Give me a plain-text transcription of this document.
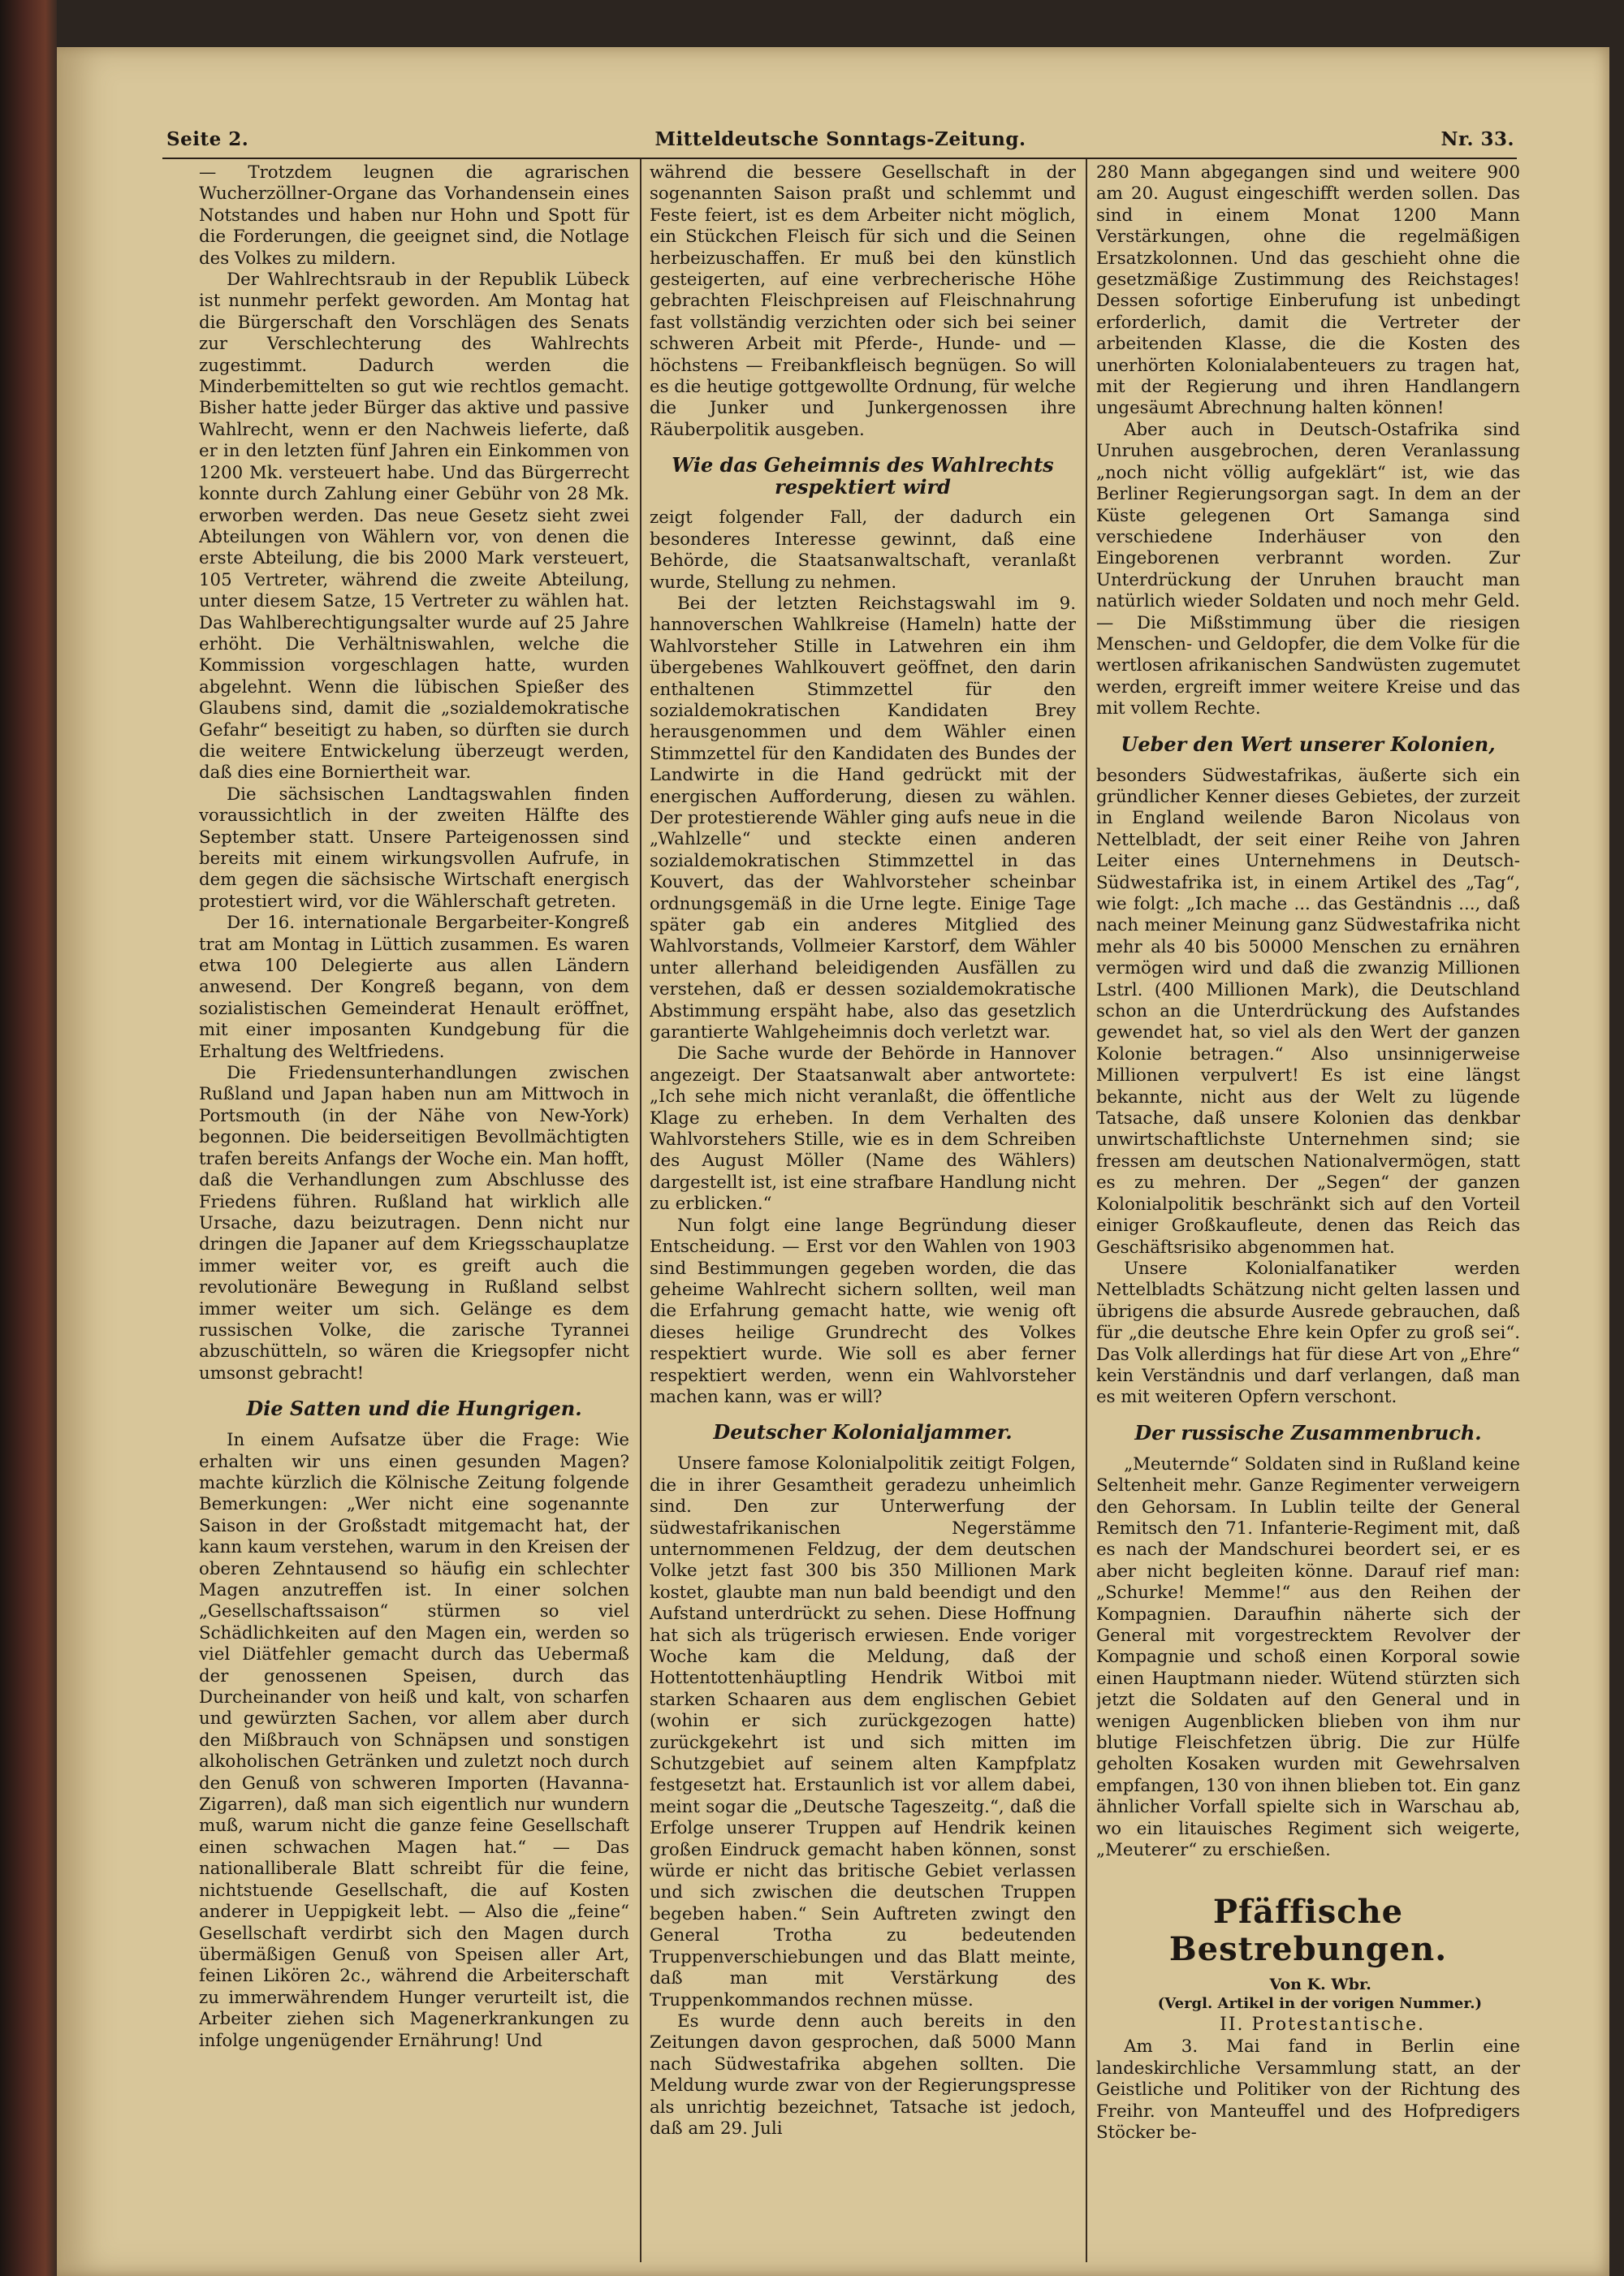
Seite 2.	Mitteldeutsche Sonntags-Zeitung.	Nr. 33.

— Trotzdem leugnen die agrarischen Wucherzöllner-Organe das Vorhandensein eines Notstandes und haben nur Hohn und Spott für die Forderungen, die geeignet sind, die Notlage des Volkes zu mildern.

Der Wahlrechtsraub in der Republik Lübeck ist nunmehr perfekt geworden. Am Montag hat die Bürgerschaft den Vorschlägen des Senats zur Verschlechterung des Wahlrechts zugestimmt. Dadurch werden die Minderbemittelten so gut wie rechtlos gemacht. Bisher hatte jeder Bürger das aktive und passive Wahlrecht, wenn er den Nachweis lieferte, daß er in den letzten fünf Jahren ein Einkommen von 1200 Mk. versteuert habe. Und das Bürgerrecht konnte durch Zahlung einer Gebühr von 28 Mk. erworben werden. Das neue Gesetz sieht zwei Abteilungen von Wählern vor, von denen die erste Abteilung, die bis 2000 Mark versteuert, 105 Vertreter, während die zweite Abteilung, unter diesem Satze, 15 Vertreter zu wählen hat. Das Wahlberechtigungsalter wurde auf 25 Jahre erhöht. Die Verhältniswahlen, welche die Kommission vorgeschlagen hatte, wurden abgelehnt. Wenn die lübischen Spießer des Glaubens sind, damit die „sozialdemokratische Gefahr“ beseitigt zu haben, so dürften sie durch die weitere Entwickelung überzeugt werden, daß dies eine Borniertheit war.

Die sächsischen Landtagswahlen finden voraussichtlich in der zweiten Hälfte des September statt. Unsere Parteigenossen sind bereits mit einem wirkungsvollen Aufrufe, in dem gegen die sächsische Wirtschaft energisch protestiert wird, vor die Wählerschaft getreten.

Der 16. internationale Bergarbeiter-Kongreß trat am Montag in Lüttich zusammen. Es waren etwa 100 Delegierte aus allen Ländern anwesend. Der Kongreß begann, von dem sozialistischen Gemeinderat Henault eröffnet, mit einer imposanten Kundgebung für die Erhaltung des Weltfriedens.

Die Friedensunterhandlungen zwischen Rußland und Japan haben nun am Mittwoch in Portsmouth (in der Nähe von New-York) begonnen. Die beiderseitigen Bevollmächtigten trafen bereits Anfangs der Woche ein. Man hofft, daß die Verhandlungen zum Abschlusse des Friedens führen. Rußland hat wirklich alle Ursache, dazu beizutragen. Denn nicht nur dringen die Japaner auf dem Kriegsschauplatze immer weiter vor, es greift auch die revolutionäre Bewegung in Rußland selbst immer weiter um sich. Gelänge es dem russischen Volke, die zarische Tyrannei abzuschütteln, so wären die Kriegsopfer nicht umsonst gebracht!

Die Satten und die Hungrigen.

In einem Aufsatze über die Frage: Wie erhalten wir uns einen gesunden Magen? machte kürzlich die Kölnische Zeitung folgende Bemerkungen: „Wer nicht eine sogenannte Saison in der Großstadt mitgemacht hat, der kann kaum verstehen, warum in den Kreisen der oberen Zehntausend so häufig ein schlechter Magen anzutreffen ist. In einer solchen „Gesellschaftssaison“ stürmen so viel Schädlichkeiten auf den Magen ein, werden so viel Diätfehler gemacht durch das Uebermaß der genossenen Speisen, durch das Durcheinander von heiß und kalt, von scharfen und gewürzten Sachen, vor allem aber durch den Mißbrauch von Schnäpsen und sonstigen alkoholischen Getränken und zuletzt noch durch den Genuß von schweren Importen (Havanna-Zigarren), daß man sich eigentlich nur wundern muß, warum nicht die ganze feine Gesellschaft einen schwachen Magen hat.“ — Das nationalliberale Blatt schreibt für die feine, nichtstuende Gesellschaft, die auf Kosten anderer in Ueppigkeit lebt. — Also die „feine“ Gesellschaft verdirbt sich den Magen durch übermäßigen Genuß von Speisen aller Art, feinen Likören 2c., während die Arbeiterschaft zu immerwährendem Hunger verurteilt ist, die Arbeiter ziehen sich Magenerkrankungen zu infolge ungenügender Ernährung! Und

während die bessere Gesellschaft in der sogenannten Saison praßt und schlemmt und Feste feiert, ist es dem Arbeiter nicht möglich, ein Stückchen Fleisch für sich und die Seinen herbeizuschaffen. Er muß bei den künstlich gesteigerten, auf eine verbrecherische Höhe gebrachten Fleischpreisen auf Fleischnahrung fast vollständig verzichten oder sich bei seiner schweren Arbeit mit Pferde-, Hunde- und — höchstens — Freibankfleisch begnügen. So will es die heutige gottgewollte Ordnung, für welche die Junker und Junkergenossen ihre Räuberpolitik ausgeben.

Wie das Geheimnis des Wahlrechts respektiert wird

zeigt folgender Fall, der dadurch ein besonderes Interesse gewinnt, daß eine Behörde, die Staatsanwaltschaft, veranlaßt wurde, Stellung zu nehmen.

Bei der letzten Reichstagswahl im 9. hannoverschen Wahlkreise (Hameln) hatte der Wahlvorsteher Stille in Latwehren ein ihm übergebenes Wahlkouvert geöffnet, den darin enthaltenen Stimmzettel für den sozialdemokratischen Kandidaten Brey herausgenommen und dem Wähler einen Stimmzettel für den Kandidaten des Bundes der Landwirte in die Hand gedrückt mit der energischen Aufforderung, diesen zu wählen. Der protestierende Wähler ging aufs neue in die „Wahlzelle“ und steckte einen anderen sozialdemokratischen Stimmzettel in das Kouvert, das der Wahlvorsteher scheinbar ordnungsgemäß in die Urne legte. Einige Tage später gab ein anderes Mitglied des Wahlvorstands, Vollmeier Karstorf, dem Wähler unter allerhand beleidigenden Ausfällen zu verstehen, daß er dessen sozialdemokratische Abstimmung erspäht habe, also das gesetzlich garantierte Wahlgeheimnis doch verletzt war.

Die Sache wurde der Behörde in Hannover angezeigt. Der Staatsanwalt aber antwortete: „Ich sehe mich nicht veranlaßt, die öffentliche Klage zu erheben. In dem Verhalten des Wahlvorstehers Stille, wie es in dem Schreiben des August Möller (Name des Wählers) dargestellt ist, ist eine strafbare Handlung nicht zu erblicken.“

Nun folgt eine lange Begründung dieser Entscheidung. — Erst vor den Wahlen von 1903 sind Bestimmungen gegeben worden, die das geheime Wahlrecht sichern sollten, weil man die Erfahrung gemacht hatte, wie wenig oft dieses heilige Grundrecht des Volkes respektiert wurde. Wie soll es aber ferner respektiert werden, wenn ein Wahlvorsteher machen kann, was er will?

Deutscher Kolonialjammer.

Unsere famose Kolonialpolitik zeitigt Folgen, die in ihrer Gesamtheit geradezu unheimlich sind. Den zur Unterwerfung der südwestafrikanischen Negerstämme unternommenen Feldzug, der dem deutschen Volke jetzt fast 300 bis 350 Millionen Mark kostet, glaubte man nun bald beendigt und den Aufstand unterdrückt zu sehen. Diese Hoffnung hat sich als trügerisch erwiesen. Ende voriger Woche kam die Meldung, daß der Hottentottenhäuptling Hendrik Witboi mit starken Schaaren aus dem englischen Gebiet (wohin er sich zurückgezogen hatte) zurückgekehrt ist und sich mitten im Schutzgebiet auf seinem alten Kampfplatz festgesetzt hat. Erstaunlich ist vor allem dabei, meint sogar die „Deutsche Tageszeitg.“, daß die Erfolge unserer Truppen auf Hendrik keinen großen Eindruck gemacht haben können, sonst würde er nicht das britische Gebiet verlassen und sich zwischen die deutschen Truppen begeben haben.“ Sein Auftreten zwingt den General Trotha zu bedeutenden Truppenverschiebungen und das Blatt meinte, daß man mit Verstärkung des Truppenkommandos rechnen müsse.

Es wurde denn auch bereits in den Zeitungen davon gesprochen, daß 5000 Mann nach Südwestafrika abgehen sollten. Die Meldung wurde zwar von der Regierungspresse als unrichtig bezeichnet, Tatsache ist jedoch, daß am 29. Juli

280 Mann abgegangen sind und weitere 900 am 20. August eingeschifft werden sollen. Das sind in einem Monat 1200 Mann Verstärkungen, ohne die regelmäßigen Ersatzkolonnen. Und das geschieht ohne die gesetzmäßige Zustimmung des Reichstages! Dessen sofortige Einberufung ist unbedingt erforderlich, damit die Vertreter der arbeitenden Klasse, die die Kosten des unerhörten Kolonialabenteuers zu tragen hat, mit der Regierung und ihren Handlangern ungesäumt Abrechnung halten können!

Aber auch in Deutsch-Ostafrika sind Unruhen ausgebrochen, deren Veranlassung „noch nicht völlig aufgeklärt“ ist, wie das Berliner Regierungsorgan sagt. In dem an der Küste gelegenen Ort Samanga sind verschiedene Inderhäuser von den Eingeborenen verbrannt worden. Zur Unterdrückung der Unruhen braucht man natürlich wieder Soldaten und noch mehr Geld. — Die Mißstimmung über die riesigen Menschen- und Geldopfer, die dem Volke für die wertlosen afrikanischen Sandwüsten zugemutet werden, ergreift immer weitere Kreise und das mit vollem Rechte.

Ueber den Wert unserer Kolonien,

besonders Südwestafrikas, äußerte sich ein gründlicher Kenner dieses Gebietes, der zurzeit in England weilende Baron Nicolaus von Nettelbladt, der seit einer Reihe von Jahren Leiter eines Unternehmens in Deutsch-Südwestafrika ist, in einem Artikel des „Tag“, wie folgt: „Ich mache ... das Geständnis ..., daß nach meiner Meinung ganz Südwestafrika nicht mehr als 40 bis 50000 Menschen zu ernähren vermögen wird und daß die zwanzig Millionen Lstrl. (400 Millionen Mark), die Deutschland schon an die Unterdrückung des Aufstandes gewendet hat, so viel als den Wert der ganzen Kolonie betragen.“ Also unsinnigerweise Millionen verpulvert! Es ist eine längst bekannte, nicht aus der Welt zu lügende Tatsache, daß unsere Kolonien das denkbar unwirtschaftlichste Unternehmen sind; sie fressen am deutschen Nationalvermögen, statt es zu mehren. Der „Segen“ der ganzen Kolonialpolitik beschränkt sich auf den Vorteil einiger Großkaufleute, denen das Reich das Geschäftsrisiko abgenommen hat.

Unsere Kolonialfanatiker werden Nettelbladts Schätzung nicht gelten lassen und übrigens die absurde Ausrede gebrauchen, daß für „die deutsche Ehre kein Opfer zu groß sei“. Das Volk allerdings hat für diese Art von „Ehre“ kein Verständnis und darf verlangen, daß man es mit weiteren Opfern verschont.

Der russische Zusammenbruch.

„Meuternde“ Soldaten sind in Rußland keine Seltenheit mehr. Ganze Regimenter verweigern den Gehorsam. In Lublin teilte der General Remitsch den 71. Infanterie-Regiment mit, daß es nach der Mandschurei beordert sei, er es aber nicht begleiten könne. Darauf rief man: „Schurke! Memme!“ aus den Reihen der Kompagnien. Daraufhin näherte sich der General mit vorgestrecktem Revolver der Kompagnie und schoß einen Korporal sowie einen Hauptmann nieder. Wütend stürzten sich jetzt die Soldaten auf den General und in wenigen Augenblicken blieben von ihm nur blutige Fleischfetzen übrig. Die zur Hülfe geholten Kosaken wurden mit Gewehrsalven empfangen, 130 von ihnen blieben tot. Ein ganz ähnlicher Vorfall spielte sich in Warschau ab, wo ein litauisches Regiment sich weigerte, „Meuterer“ zu erschießen.

Pfäffische Bestrebungen.

Von K. Wbr.

(Vergl. Artikel in der vorigen Nummer.)

II. Protestantische.

Am 3. Mai fand in Berlin eine landeskirchliche Versammlung statt, an der Geistliche und Politiker von der Richtung des Freihr. von Manteuffel und des Hofpredigers Stöcker be-
